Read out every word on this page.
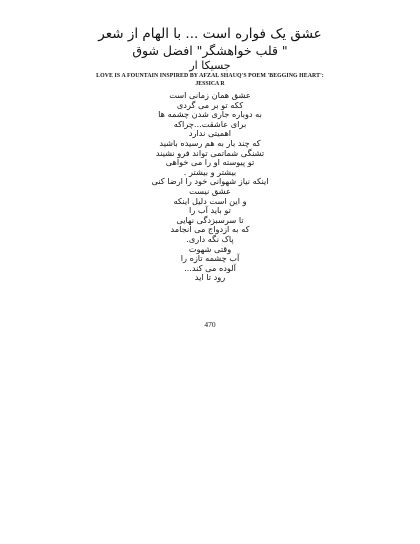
عشق یک فواره است ... با الهام از شعر
" قلب خواهشگر" افضل شوق
جسیکا ار
LOVE IS A FOUNTAIN INSPIRED BY AFZAL SHAUQ'S POEM 'BEGGING HEART':
JESSICA R
عشق همان زمانی است
ککه تو بر می گردی
به دوباره جاری شدن چشمه ها
برای عاشقت...چراکه
اهمیتی ندارد
که چند بار به هم رسیده باشید
تشنگی شماتمی تواند فرو نشیند
تو پیوسته او را می خواهی
بیشتر و بیشتر .
اینکه نیاز شهوانی خود را ارضا کنی
عشق نیست
و این است دلیل اینکه
تو باید آب را
تا سرسبزدگی نهایی
که به ازدواج می انجامد
پاک نگه داری.
وقتی شهوت
آب چشمه تازه را
آلوده می کند...
رود تا اید
470
